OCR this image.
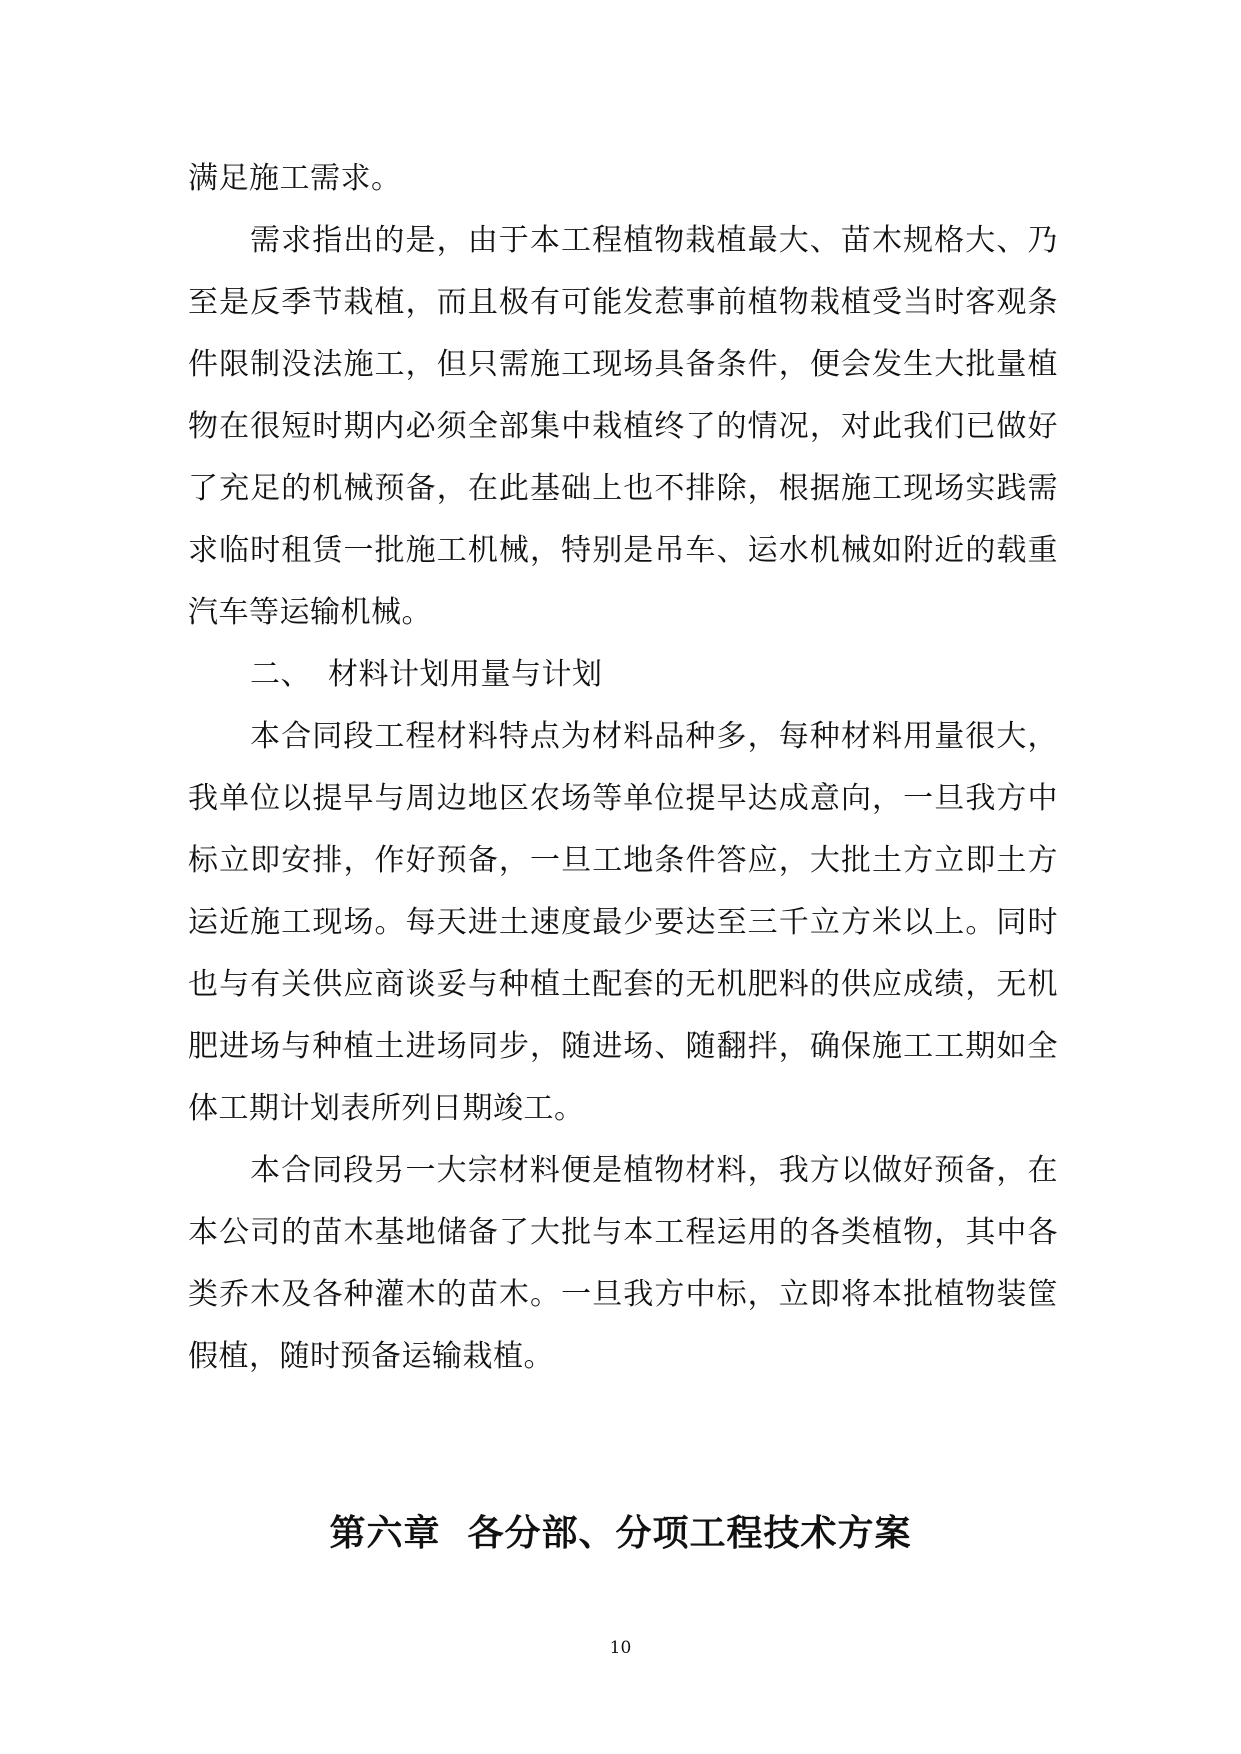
满足施工需求。
需求指出的是，由于本工程植物栽植最大、苗木规格大、乃
至是反季节栽植，而且极有可能发惹事前植物栽植受当时客观条
件限制没法施工，但只需施工现场具备条件，便会发生大批量植
物在很短时期内必须全部集中栽植终了的情况，对此我们已做好
了充足的机械预备，在此基础上也不排除，根据施工现场实践需
求临时租赁一批施工机械，特别是吊车、运水机械如附近的载重
汽车等运输机械。
二、 材料计划用量与计划
本合同段工程材料特点为材料品种多，每种材料用量很大，
我单位以提早与周边地区农场等单位提早达成意向，一旦我方中
标立即安排，作好预备，一旦工地条件答应，大批土方立即土方
运近施工现场。每天进土速度最少要达至三千立方米以上。同时
也与有关供应商谈妥与种植土配套的无机肥料的供应成绩，无机
肥进场与种植土进场同步，随进场、随翻拌，确保施工工期如全
体工期计划表所列日期竣工。
本合同段另一大宗材料便是植物材料，我方以做好预备，在
本公司的苗木基地储备了大批与本工程运用的各类植物，其中各
类乔木及各种灌木的苗木。一旦我方中标，立即将本批植物装筐
假植，随时预备运输栽植。
第六章  各分部、分项工程技术方案
10
